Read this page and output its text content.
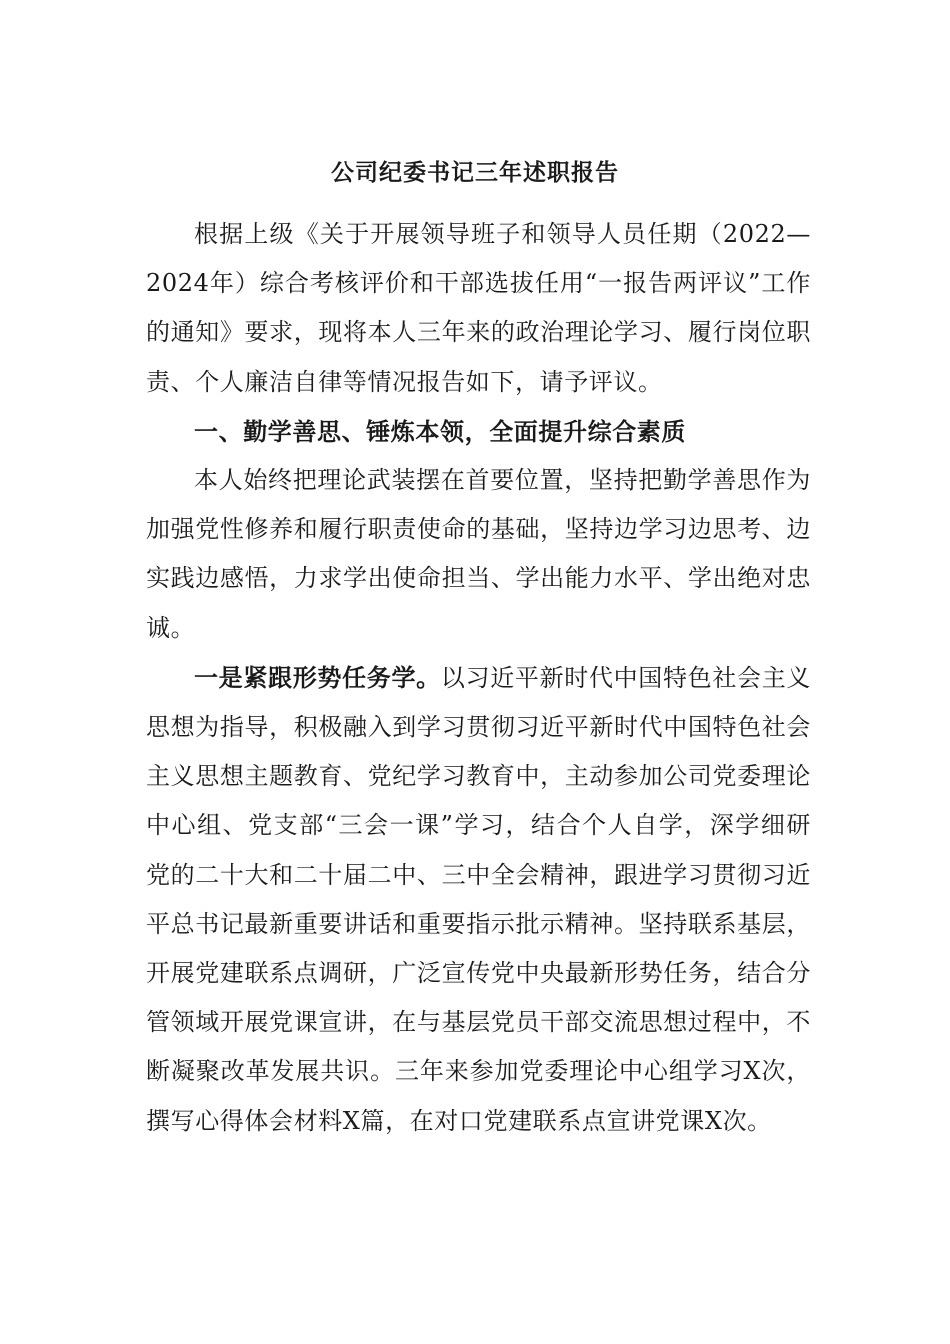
公司纪委书记三年述职报告

根据上级《关于开展领导班子和领导人员任期（2022—2024年）综合考核评价和干部选拔任用“一报告两评议”工作的通知》要求，现将本人三年来的政治理论学习、履行岗位职责、个人廉洁自律等情况报告如下，请予评议。

一、勤学善思、锤炼本领，全面提升综合素质

本人始终把理论武装摆在首要位置，坚持把勤学善思作为加强党性修养和履行职责使命的基础，坚持边学习边思考、边实践边感悟，力求学出使命担当、学出能力水平、学出绝对忠诚。

一是紧跟形势任务学。以习近平新时代中国特色社会主义思想为指导，积极融入到学习贯彻习近平新时代中国特色社会主义思想主题教育、党纪学习教育中，主动参加公司党委理论中心组、党支部“三会一课”学习，结合个人自学，深学细研党的二十大和二十届二中、三中全会精神，跟进学习贯彻习近平总书记最新重要讲话和重要指示批示精神。坚持联系基层，开展党建联系点调研，广泛宣传党中央最新形势任务，结合分管领域开展党课宣讲，在与基层党员干部交流思想过程中，不断凝聚改革发展共识。三年来参加党委理论中心组学习X次，撰写心得体会材料X篇，在对口党建联系点宣讲党课X次。
